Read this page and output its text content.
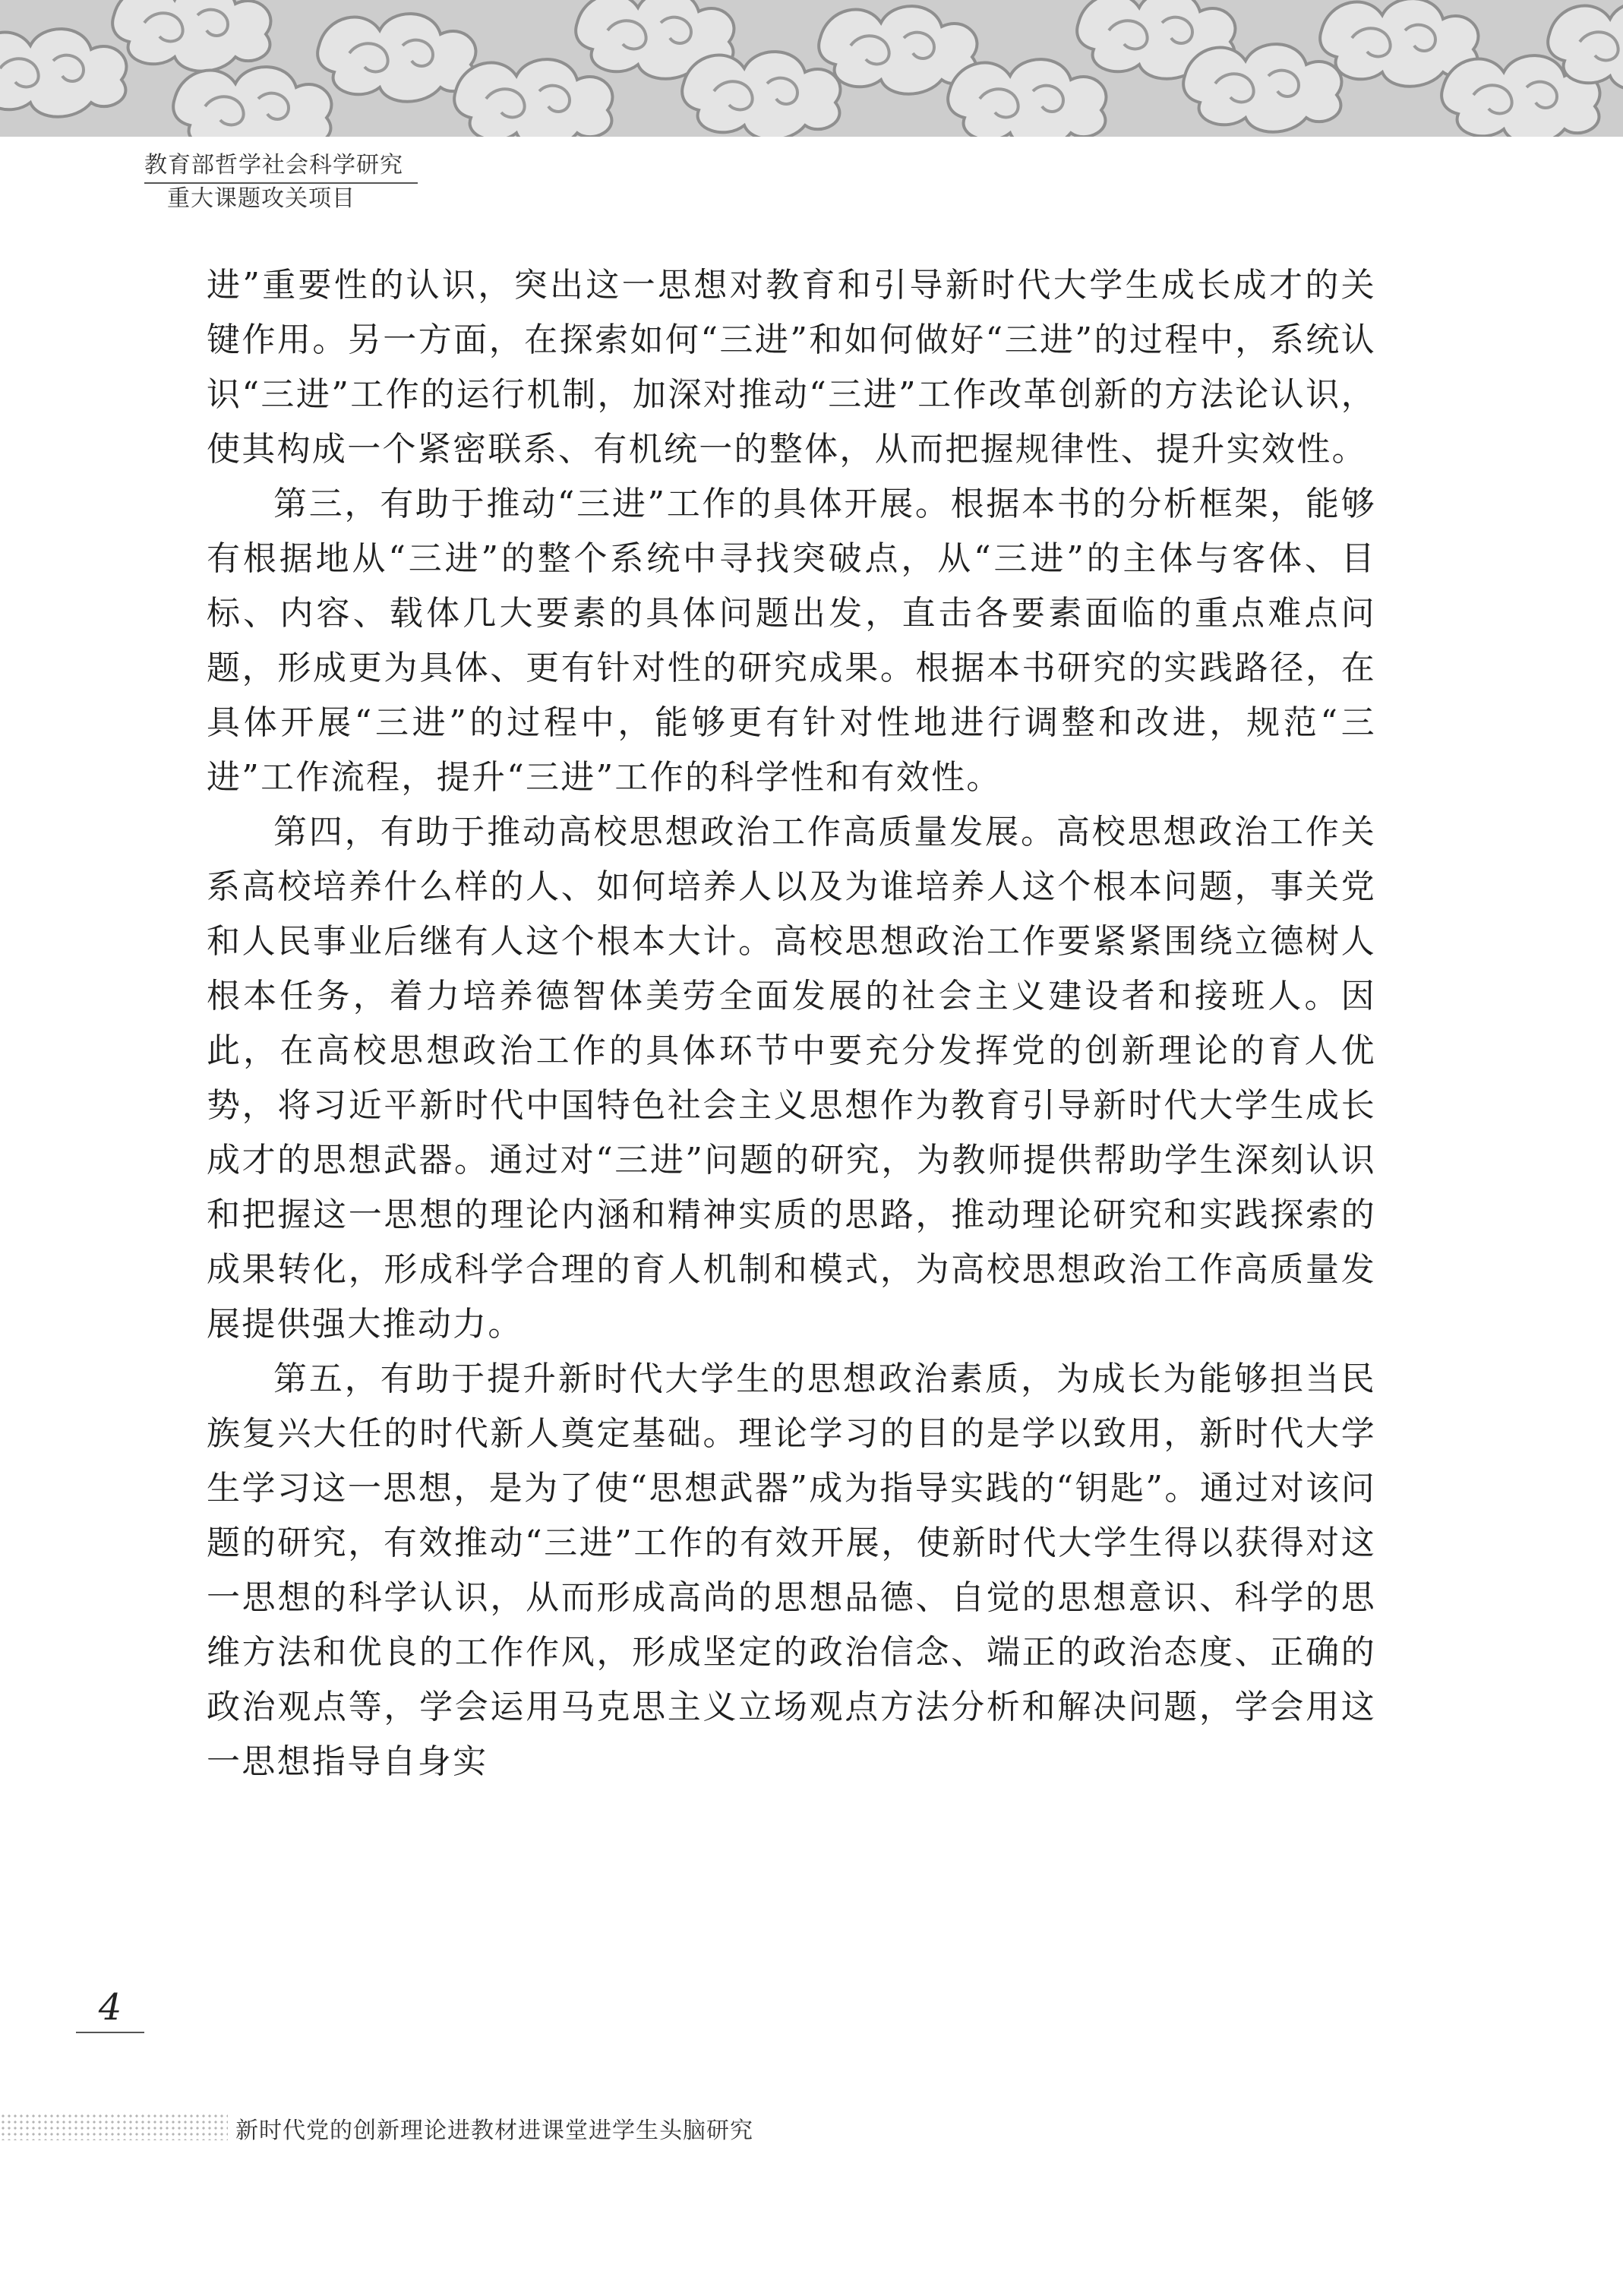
教育部哲学社会科学研究
重大课题攻关项目

进”重要性的认识，突出这一思想对教育和引导新时代大学生成长成才的关键作用。另一方面，在探索如何“三进”和如何做好“三进”的过程中，系统认识“三进”工作的运行机制，加深对推动“三进”工作改革创新的方法论认识，使其构成一个紧密联系、有机统一的整体，从而把握规律性、提升实效性。

第三，有助于推动“三进”工作的具体开展。根据本书的分析框架，能够有根据地从“三进”的整个系统中寻找突破点，从“三进”的主体与客体、目标、内容、载体几大要素的具体问题出发，直击各要素面临的重点难点问题，形成更为具体、更有针对性的研究成果。根据本书研究的实践路径，在具体开展“三进”的过程中，能够更有针对性地进行调整和改进，规范“三进”工作流程，提升“三进”工作的科学性和有效性。

第四，有助于推动高校思想政治工作高质量发展。高校思想政治工作关系高校培养什么样的人、如何培养人以及为谁培养人这个根本问题，事关党和人民事业后继有人这个根本大计。高校思想政治工作要紧紧围绕立德树人根本任务，着力培养德智体美劳全面发展的社会主义建设者和接班人。因此，在高校思想政治工作的具体环节中要充分发挥党的创新理论的育人优势，将习近平新时代中国特色社会主义思想作为教育引导新时代大学生成长成才的思想武器。通过对“三进”问题的研究，为教师提供帮助学生深刻认识和把握这一思想的理论内涵和精神实质的思路，推动理论研究和实践探索的成果转化，形成科学合理的育人机制和模式，为高校思想政治工作高质量发展提供强大推动力。

第五，有助于提升新时代大学生的思想政治素质，为成长为能够担当民族复兴大任的时代新人奠定基础。理论学习的目的是学以致用，新时代大学生学习这一思想，是为了使“思想武器”成为指导实践的“钥匙”。通过对该问题的研究，有效推动“三进”工作的有效开展，使新时代大学生得以获得对这一思想的科学认识，从而形成高尚的思想品德、自觉的思想意识、科学的思维方法和优良的工作作风，形成坚定的政治信念、端正的政治态度、正确的政治观点等，学会运用马克思主义立场观点方法分析和解决问题，学会用这一思想指导自身实

4
新时代党的创新理论进教材进课堂进学生头脑研究
